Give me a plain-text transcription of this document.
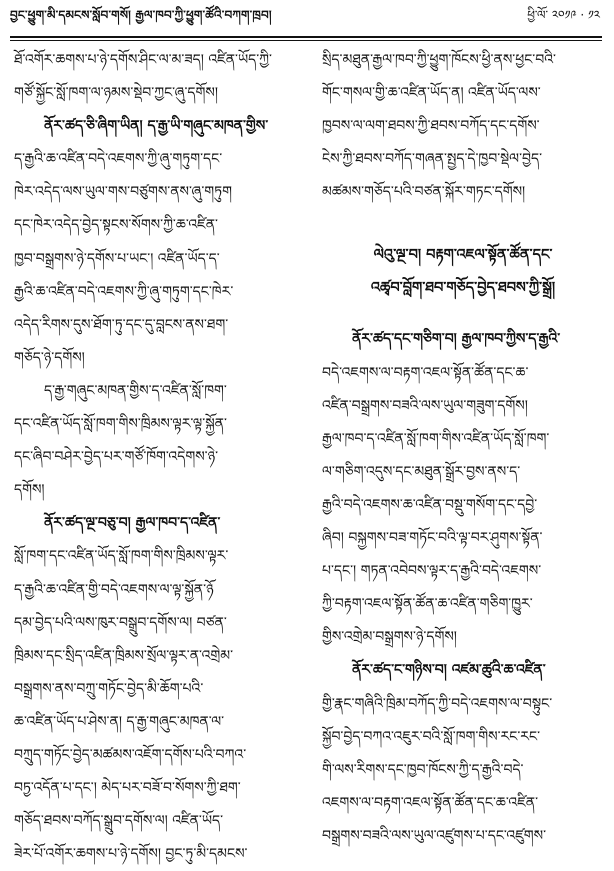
བྱང་ཕྱུག་མི་དམངས་སློབ་གསོ། རྒྱལ་ཁབ་ཀྱི་ཕྱུག་ཚོའི་བཀག་ཁྲབ།	ཕྱི་ལོ་ ༢༠༡༩ · ༡༢
ཐོ་འགོར་ཆགས་པ་ཉེ་དགོས་ཤིང་ལ་མ་ཟད། འཛིན་ཡོད་ཀྱི་
གཙོ་སྐྱོང་སློ་ཁག་ལ་ཉམས་སྡེབ་ཀྱང་ཞུ་དགོས།
ནོར་ཚད་ཅི་ཞིག་ཡིན། ད་རྒྱ་ཡི་གཞུང་མཁན་གྱིས་
ད་རྒྱའི་ཆ་འཛིན་བདེ་འཇགས་ཀྱི་ཞུ་གཏུག་དང་
ཁེར་འདེད་ལས་ཡུལ་གས་བཙུགས་ནས་ཞུ་གཏུག
དང་ཁེར་འདེད་བྱེད་སྟངས་སོགས་ཀྱི་ཆ་འཛིན་
ཁྱབ་བསྒྲགས་ཉེ་དགོས་པ་ཡང་། འཛིན་ཡོད་ད་
རྒྱའི་ཆ་འཛིན་བདེ་འཇགས་ཀྱི་ཞུ་གཏུག་དང་ཁེར་
འདེད་རིགས་དུས་ཐོག་ཏུ་དང་དུ་བླངས་ནས་ཐག་
གཅོད་ཉེ་དགོས།
ད་རྒྱ་གཞུང་མཁན་གྱིས་ད་འཛིན་སློ་ཁག་
དང་འཛིན་ཡོད་སློ་ཁག་གིས་ཁྲིམས་ལྟར་ལྟ་སྐྱོན་
དང་ཞིབ་བཤེར་བྱེད་པར་གཙོ་ཁོག་འདེགས་ཉེ་
དགོས།
ནོར་ཚད་ལྔ་བཅུ་བ། རྒྱལ་ཁབ་ད་འཛིན་
སློ་ཁག་དང་འཛིན་ཡོད་སློ་ཁག་གིས་ཁྲིམས་ལྟར་
ད་རྒྱའི་ཆ་འཛིན་གྱི་བདེ་འཇགས་ལ་ལྟ་སྐྱོན་ཉོ
དམ་བྱེད་པའི་ལས་ཁུར་བསྒྲུབ་དགོས་ལ། བཙན་
ཁྲིམས་དང་སྲིད་འཛིན་ཁྲིམས་སྲོལ་ལྟར་ན་འགྲེམ་
བསྒྲགས་ནས་བཀྲུ་གཏོང་བྱེད་མི་ཆོག་པའི་
ཆ་འཛིན་ཡོད་པ་ཤེས་ན། ད་རྒྱ་གཞུང་མཁན་ལ་
བཀྲུད་གཏོང་བྱེད་མཚམས་འཇོག་དགོས་པའི་བཀའ་
བཏྱ་འདོན་པ་དང་། མེད་པར་བཟོ་བ་སོགས་ཀྱི་ཐག་
གཅོད་ཐབས་བཀོད་སྒྲུབ་དགོས་ལ། འཛིན་ཡོད་
ཟེར་པོ་འགོར་ཆགས་པ་ཉེ་དགོས། བྱང་ཏུ་མི་དམངས་
སྲིད་མཐུན་རྒྱལ་ཁབ་ཀྱི་ཕྱུག་ཁོངས་ཕྱི་ནས་ཕྱང་བའི་
གོང་གསལ་གྱི་ཆ་འཛིན་ཡོད་ན། འཛིན་ཡོད་ལས་
ཁྱབས་ལ་ལག་ཐབས་ཀྱི་ཐབས་བཀོད་དང་དགོས་
ངེས་ཀྱི་ཐབས་བཀོད་གཞན་སྤྱད་དེ་ཁྱབ་སྡེལ་བྱེད་
མཚམས་གཅོད་པའི་བཙན་སྐོར་གཏང་དགོས།
ལེའུ་ལྔ་བ། བརྟག་འཇལ་སྟོན་ཚོན་དང་
འཚྭབ་བློག་ཐབ་གཅོད་བྱེད་ཐབས་ཀྱི་སྒྲོ།
ནོར་ཚད་དང་གཅིག་བ། རྒྱལ་ཁབ་ཀྱིས་ད་རྒྱའི་
བདེ་འཇགས་ལ་བརྟག་འཇལ་སྟོན་ཚོན་དང་ཆ་
འཛིན་བསྒྲགས་བཟའི་ལས་ཡུལ་གཟུག་དགོས།
རྒྱལ་ཁབ་ད་འཛིན་སློ་ཁག་གིས་འཛིན་ཡོད་སློ་ཁག་
ལ་གཅིག་འདུས་དང་མཐུན་སྒྲོར་བྱས་ནས་ད་
རྒྱའི་བདེ་འཇགས་ཆ་འཛིན་བསྡུ་གསོག་དང་དབྱེ་
ཞིབ། བསྐྱགས་བཟ་གཏོང་བའི་ལྟ་བར་ཤུགས་སྟོན་
པ་དང་། གཏན་འབེབས་ལྟར་ད་རྒྱའི་བདེ་འཇགས་
ཀྱི་བརྟག་འཇལ་སྟོན་ཚོན་ཆ་འཛིན་གཅིག་ཁྱུར་
གྱིས་འགྲེམ་བསྒྲགས་ཉེ་དགོས།
ནོར་ཚད་ང་གཉིས་བ། འཛམ་ཚུའི་ཆ་འཛིན་
གྱི་རྣང་གཞིའི་ཁྲིམ་བཀོད་ཀྱི་བདེ་འཇགས་ལ་བསྟུང་
སྐྱོབ་བྱེད་བཀའ་འཇུར་བའི་སློ་ཁག་གིས་རང་རང་
གི་ལས་རིགས་དང་ཁྱབ་ཁོངས་ཀྱི་ད་རྒྱའི་བདེ་
འཇགས་ལ་བརྟག་འཇལ་སྟོན་ཚོན་དང་ཆ་འཛིན་
བསྒྲགས་བཟའི་ལས་ཡུལ་འཛུགས་པ་དང་འཛུགས་
